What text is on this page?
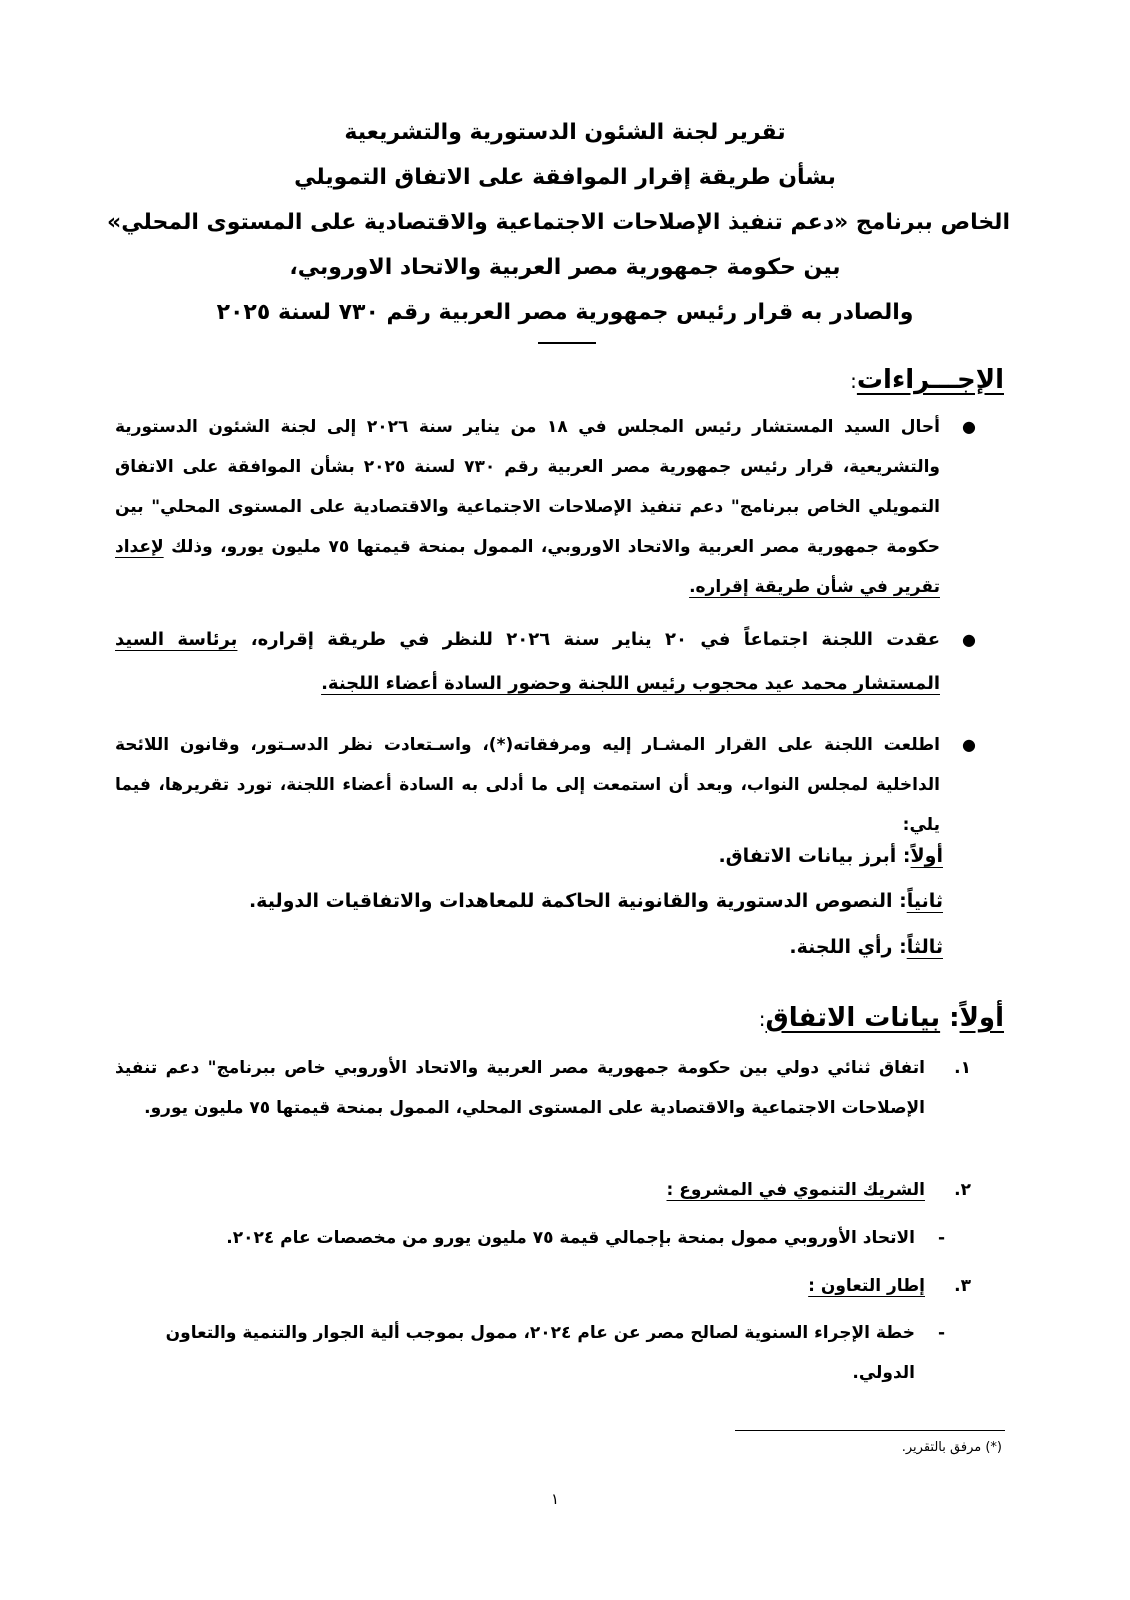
تقرير لجنة الشئون الدستورية والتشريعية
بشأن طريقة إقرار الموافقة على الاتفاق التمويلي
الخاص ببرنامج «دعم تنفيذ الإصلاحات الاجتماعية والاقتصادية على المستوى المحلي»
بين حكومة جمهورية مصر العربية والاتحاد الاوروبي،
والصادر به قرار رئيس جمهورية مصر العربية رقم ٧٣٠ لسنة ٢٠٢٥
الإجـــراءات:
●
أحال السيد المستشار رئيس المجلس في ١٨ من يناير سنة ٢٠٢٦ إلى لجنة الشئون الدستورية والتشريعية، قرار رئيس جمهورية مصر العربية رقم ٧٣٠ لسنة ٢٠٢٥ بشأن الموافقة على الاتفاق التمويلي الخاص ببرنامج" دعم تنفيذ الإصلاحات الاجتماعية والاقتصادية على المستوى المحلي" بين حكومة جمهورية مصر العربية والاتحاد الاوروبي، الممول بمنحة قيمتها ٧٥ مليون يورو، وذلك لإعداد تقرير في شأن طريقة إقراره.
●
عقدت اللجنة اجتماعاً في ٢٠ يناير سنة ٢٠٢٦ للنظر في طريقة إقراره، برئاسة السيد المستشار محمد عيد محجوب رئيس اللجنة وحضور السادة أعضاء اللجنة.
●
اطلعت اللجنة على القرار المشـار إليه ومرفقاته(*)، واسـتعادت نظر الدسـتور، وقانون اللائحة الداخلية لمجلس النواب، وبعد أن استمعت إلى ما أدلى به السادة أعضاء اللجنة، تورد تقريرها، فيما يلي:
أولاً: أبرز بيانات الاتفاق.
ثانياً: النصوص الدستورية والقانونية الحاكمة للمعاهدات والاتفاقيات الدولية.
ثالثاً: رأي اللجنة.
أولاً: بيانات الاتفاق:
١.
اتفاق ثنائي دولي بين حكومة جمهورية مصر العربية والاتحاد الأوروبي خاص ببرنامج" دعم تنفيذ الإصلاحات الاجتماعية والاقتصادية على المستوى المحلي، الممول بمنحة قيمتها ٧٥ مليون يورو.
٢.
الشريك التنموي في المشروع :
-
الاتحاد الأوروبي ممول بمنحة بإجمالي قيمة ٧٥ مليون يورو من مخصصات عام ٢٠٢٤.
٣.
إطار التعاون :
-
خطة الإجراء السنوية لصالح مصر عن عام ٢٠٢٤، ممول بموجب ألية الجوار والتنمية والتعاون الدولي.
(*) مرفق بالتقرير.
١
